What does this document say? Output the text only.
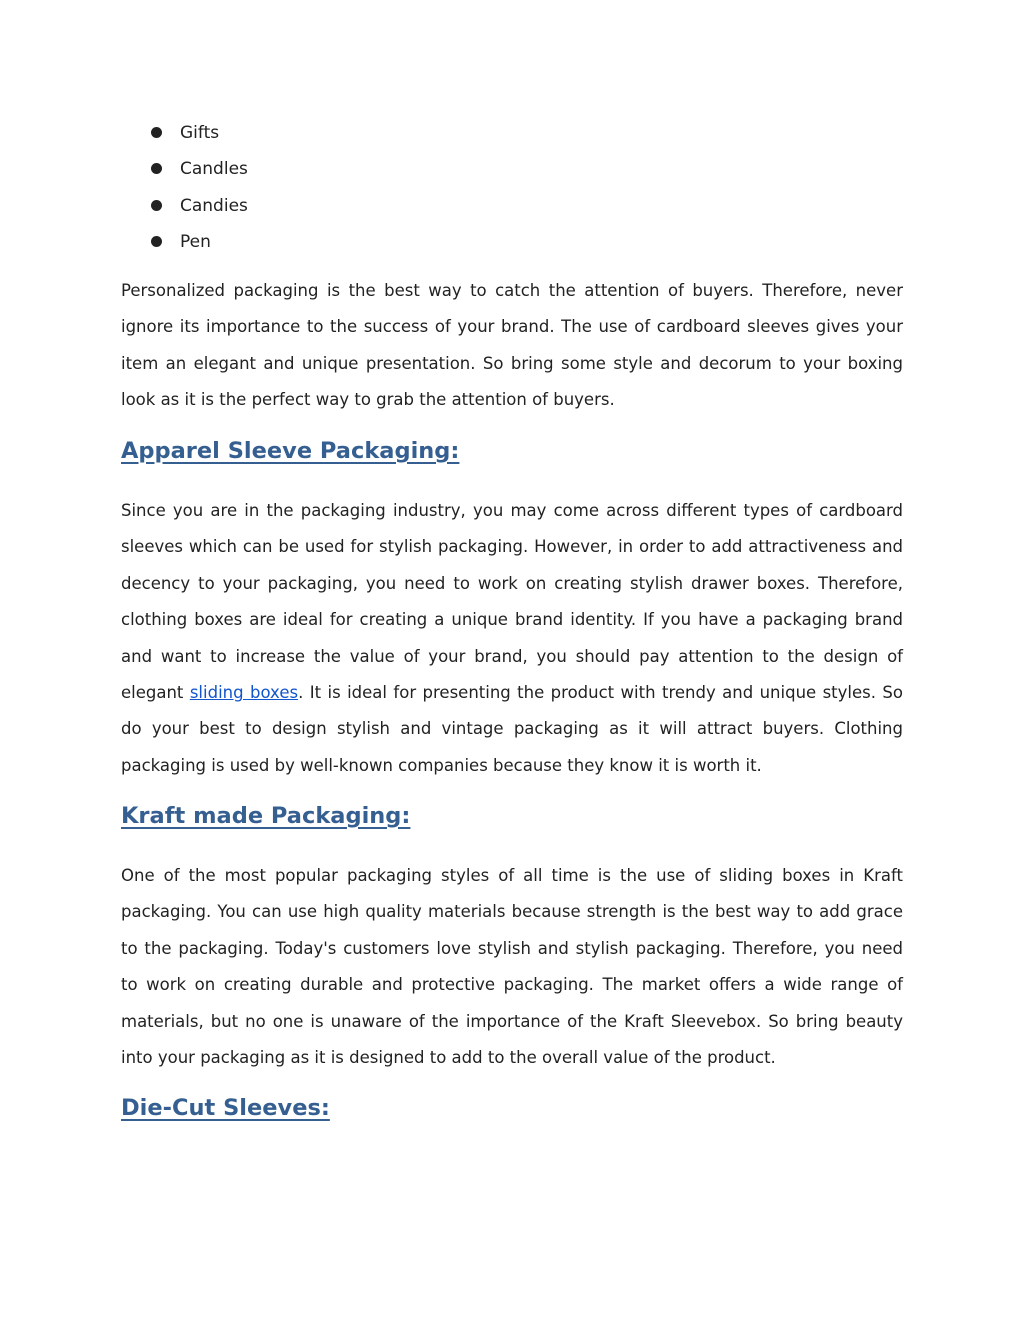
Gifts
Candles
Candies
Pen

Personalized packaging is the best way to catch the attention of buyers. Therefore, never ignore its importance to the success of your brand. The use of cardboard sleeves gives your item an elegant and unique presentation. So bring some style and decorum to your boxing look as it is the perfect way to grab the attention of buyers.

Apparel Sleeve Packaging:

Since you are in the packaging industry, you may come across different types of cardboard sleeves which can be used for stylish packaging. However, in order to add attractiveness and decency to your packaging, you need to work on creating stylish drawer boxes. Therefore, clothing boxes are ideal for creating a unique brand identity. If you have a packaging brand and want to increase the value of your brand, you should pay attention to the design of elegant sliding boxes. It is ideal for presenting the product with trendy and unique styles. So do your best to design stylish and vintage packaging as it will attract buyers. Clothing packaging is used by well-known companies because they know it is worth it.

Kraft made Packaging:

One of the most popular packaging styles of all time is the use of sliding boxes in Kraft packaging. You can use high quality materials because strength is the best way to add grace to the packaging. Today's customers love stylish and stylish packaging. Therefore, you need to work on creating durable and protective packaging. The market offers a wide range of materials, but no one is unaware of the importance of the Kraft Sleevebox. So bring beauty into your packaging as it is designed to add to the overall value of the product.

Die-Cut Sleeves:
